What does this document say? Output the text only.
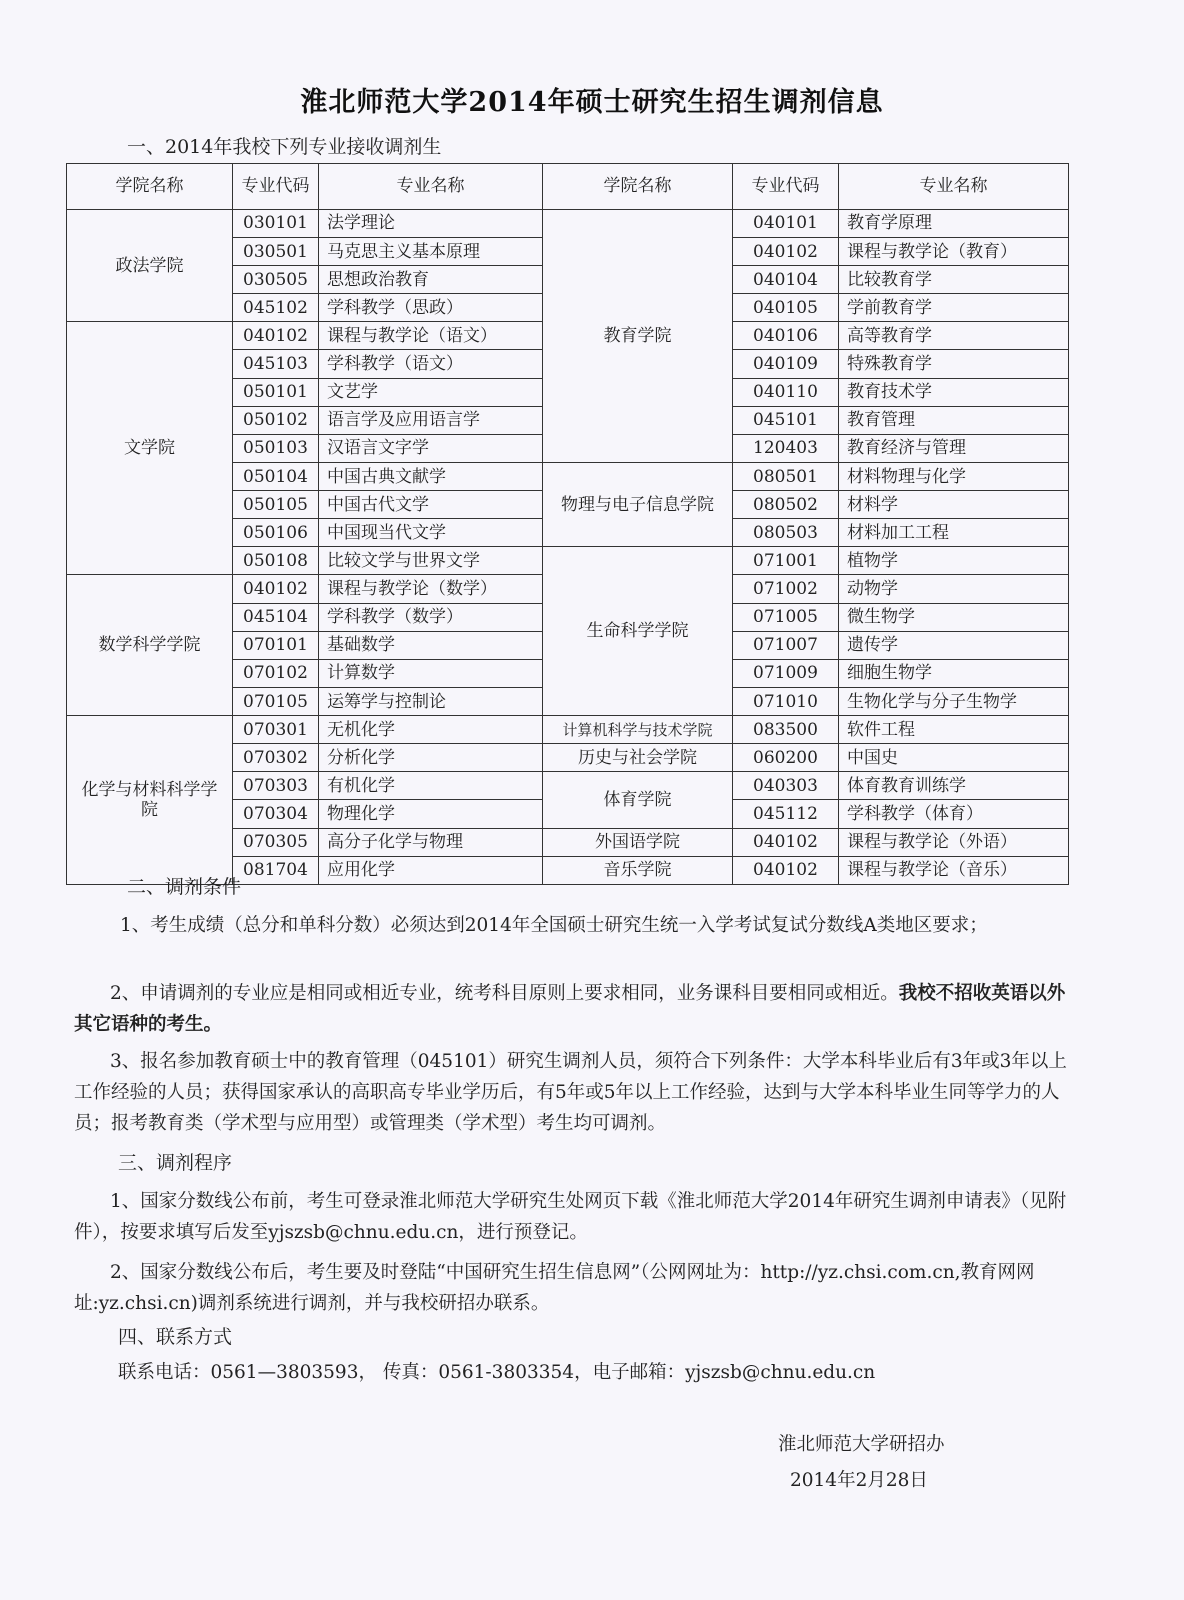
淮北师范大学2014年硕士研究生招生调剂信息
一、2014年我校下列专业接收调剂生
学院名称	专业代码	专业名称	学院名称	专业代码	专业名称
政法学院	030101	法学理论	教育学院	040101	教育学原理
	030501	马克思主义基本原理		040102	课程与教学论（教育）
	030505	思想政治教育		040104	比较教育学
	045102	学科教学（思政）		040105	学前教育学
文学院	040102	课程与教学论（语文）		040106	高等教育学
	045103	学科教学（语文）		040109	特殊教育学
	050101	文艺学		040110	教育技术学
	050102	语言学及应用语言学		045101	教育管理
	050103	汉语言文字学		120403	教育经济与管理
	050104	中国古典文献学	物理与电子信息学院	080501	材料物理与化学
	050105	中国古代文学		080502	材料学
	050106	中国现当代文学		080503	材料加工工程
	050108	比较文学与世界文学	生命科学学院	071001	植物学
数学科学学院	040102	课程与教学论（数学）		071002	动物学
	045104	学科教学（数学）		071005	微生物学
	070101	基础数学		071007	遗传学
	070102	计算数学		071009	细胞生物学
	070105	运筹学与控制论		071010	生物化学与分子生物学
化学与材料科学学院	070301	无机化学	计算机科学与技术学院	083500	软件工程
	070302	分析化学	历史与社会学院	060200	中国史
	070303	有机化学	体育学院	040303	体育教育训练学
	070304	物理化学		045112	学科教学（体育）
	070305	高分子化学与物理	外国语学院	040102	课程与教学论（外语）
	081704	应用化学	音乐学院	040102	课程与教学论（音乐）
二、调剂条件
1、考生成绩（总分和单科分数）必须达到2014年全国硕士研究生统一入学考试复试分数线A类地区要求；
2、申请调剂的专业应是相同或相近专业，统考科目原则上要求相同，业务课科目要相同或相近。我校不招收英语以外其它语种的考生。
3、报名参加教育硕士中的教育管理（045101）研究生调剂人员，须符合下列条件：大学本科毕业后有3年或3年以上工作经验的人员；获得国家承认的高职高专毕业学历后，有5年或5年以上工作经验，达到与大学本科毕业生同等学力的人员；报考教育类（学术型与应用型）或管理类（学术型）考生均可调剂。
三、调剂程序
1、国家分数线公布前，考生可登录淮北师范大学研究生处网页下载《淮北师范大学2014年研究生调剂申请表》（见附件），按要求填写后发至yjszsb@chnu.edu.cn，进行预登记。
2、国家分数线公布后，考生要及时登陆“中国研究生招生信息网”（公网网址为：http://yz.chsi.com.cn,教育网网址:yz.chsi.cn)调剂系统进行调剂，并与我校研招办联系。
四、联系方式
联系电话：0561—3803593， 传真：0561-3803354，电子邮箱：yjszsb@chnu.edu.cn
淮北师范大学研招办
2014年2月28日
